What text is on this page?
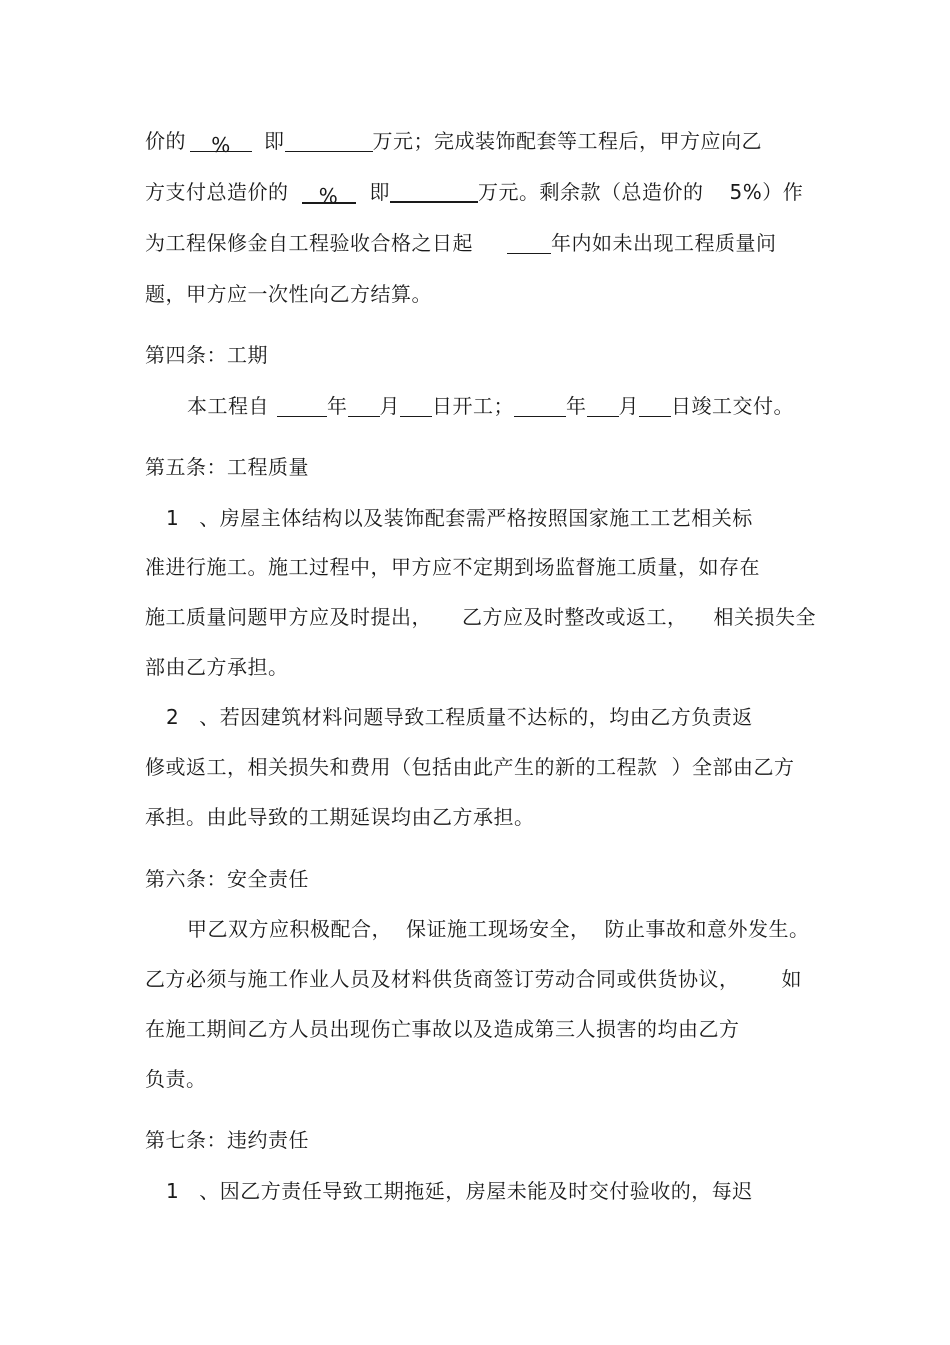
价的 % 即	万元；完成装饰配套等工程后，甲方应向乙
方支付总造价的 % 即	万元。剩余款（总造价的 5%）作
为工程保修金自工程验收合格之日起	年内如未出现工程质量问
题，甲方应一次性向乙方结算。
第四条：工期
本工程自	年 月 日开工；	年 月 日竣工交付。
第五条：工程质量
1 、房屋主体结构以及装饰配套需严格按照国家施工工艺相关标
准进行施工。施工过程中，甲方应不定期到场监督施工质量，如存在
施工质量问题甲方应及时提出， 乙方应及时整改或返工， 相关损失全
部由乙方承担。
2 、若因建筑材料问题导致工程质量不达标的，均由乙方负责返
修或返工，相关损失和费用（包括由此产生的新的工程款 ）全部由乙方
承担。由此导致的工期延误均由乙方承担。
第六条：安全责任
甲乙双方应积极配合， 保证施工现场安全， 防止事故和意外发生。
乙方必须与施工作业人员及材料供货商签订劳动合同或供货协议， 如
在施工期间乙方人员出现伤亡事故以及造成第三人损害的均由乙方
负责。
第七条：违约责任
1 、因乙方责任导致工期拖延，房屋未能及时交付验收的，每迟
